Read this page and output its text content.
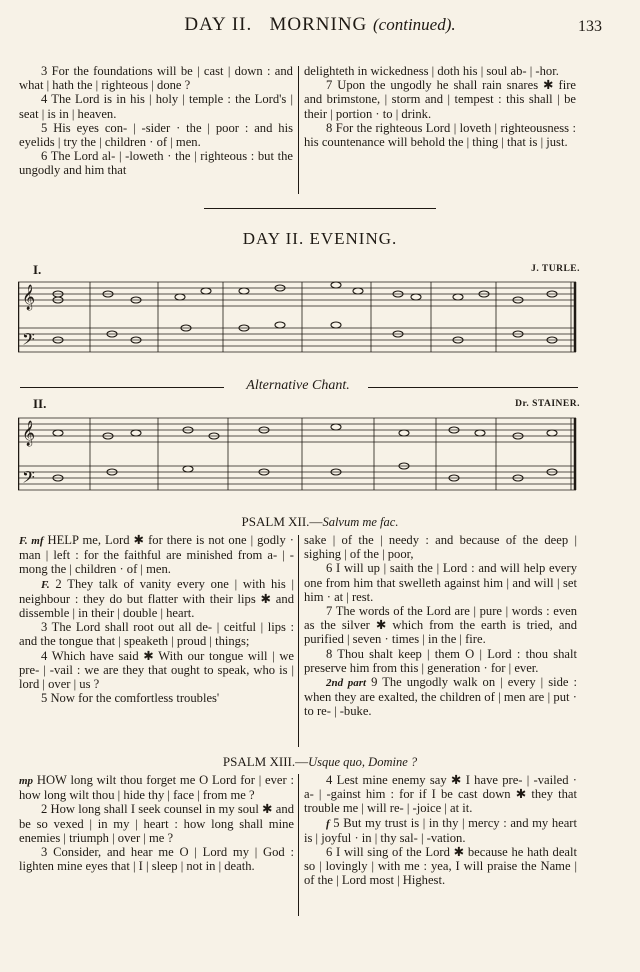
DAY II. MORNING (continued).	133

3 For the foundations will be | cast | down : and what | hath the | righteous | done ?

4 The Lord is in his | holy | temple : the Lord's | seat | is in | heaven.

5 His eyes con- | -sider · the | poor : and his eyelids | try the | children · of | men.

6 The Lord al- | -loweth · the | righteous : but the ungodly and him that

delighteth in wickedness | doth his | soul ab- | -hor.

7 Upon the ungodly he shall rain snares ✱ fire and brimstone, | storm and | tempest : this shall | be their | portion · to | drink.

8 For the righteous Lord | loveth | righteousness : his countenance will behold the | thing | that is | just.

DAY II. EVENING.
I.	J. TURLE.
𝄞
𝄢
Alternative Chant.
II.	Dr. STAINER.
𝄞
𝄢
PSALM XII.—Salvum me fac.

F. mf HELP me, Lord ✱ for there is not one | godly · man | left : for the faithful are minished from a- | -mong the | children · of | men.

F. 2 They talk of vanity every one | with his | neighbour : they do but flatter with their lips ✱ and dissemble | in their | double | heart.

3 The Lord shall root out all de- | ceitful | lips : and the tongue that | speaketh | proud | things;

4 Which have said ✱ With our tongue will | we pre- | -vail : we are they that ought to speak, who is | lord | over | us ?

5 Now for the comfortless troubles'

sake | of the | needy : and because of the deep | sighing | of the | poor,

6 I will up | saith the | Lord : and will help every one from him that swelleth against him | and will | set him · at | rest.

7 The words of the Lord are | pure | words : even as the silver ✱ which from the earth is tried, and purified | seven · times | in the | fire.

8 Thou shalt keep | them O | Lord : thou shalt preserve him from this | generation · for | ever.

2nd part 9 The ungodly walk on | every | side : when they are exalted, the children of | men are | put · to re- | -buke.

PSALM XIII.—Usque quo, Domine ?

mp HOW long wilt thou forget me O Lord for | ever : how long wilt thou | hide thy | face | from me ?

2 How long shall I seek counsel in my soul ✱ and be so vexed | in my | heart : how long shall mine enemies | triumph | over | me ?

3 Consider, and hear me O | Lord my | God : lighten mine eyes that | I | sleep | not in | death.

4 Lest mine enemy say ✱ I have pre- | -vailed · a- | -gainst him : for if I be cast down ✱ they that trouble me | will re- | -joice | at it.

f 5 But my trust is | in thy | mercy : and my heart is | joyful · in | thy sal- | -vation.

6 I will sing of the Lord ✱ because he hath dealt so | lovingly | with me : yea, I will praise the Name | of the | Lord most | Highest.
